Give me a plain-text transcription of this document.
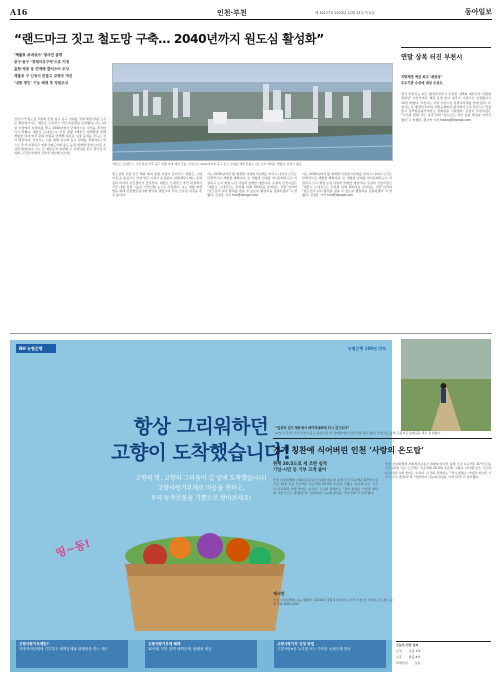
A16	인천·부천	제 30177호 2023년 12월 13일 목요일	동아일보
“랜드마크 짓고 철도망 구축… 2040년까지 원도심 활성화”
‘제물포 르네상스’ 청사진 공개
중구·동구 ‘경제자유구역’으로 지정
을항·영종 등 연계해 클러스터 조성
제물포 구 신청사 만들고 교량부 개선
‘내항 명인’ 기능 해제 후 정원조성
인천시가 원도심 주변의 인천 중구 동구 일대를 국제 해양·관광 도시로 재탄생시키는 ‘제물포 르네상스’ 마스터플랜을 공개했다. 시는 12일 시청에서 설명회를 열고 2040년까지 단계적으로 사업을 추진한다고 밝혔다. 제물포 르네상스는 인천 내항 1·8부두 재개발과 함께 개항장 일대 역사 문화 자원을 연계해 새로운 성장 동력을 만드는 것이 핵심이다. 인천시는 이를 위해 중구와 동구 일대를 경제자유구역으로 추가 지정하고 영종국제도시와 송도 등과 연계한 클러스터를 조성할 방침이다. 시는 또 제물포역 일대에 구 신청사를 짓고 경인선 지하화 구간과 연계한 교통망 개선에 나선다.
‘제물포 르네상스’ 사업 완료 이후 중구 내항 일대 예상 모습. 인천시는 2040년까지 중구·동구 일대를 해양 관광도시로 조성 계획을 세웠다. 인천시 제공
원도심에 교량 인근 해양 레저 관광 시설이 들어서고 ‘제물포 스테이션’을 중심으로 상업·업무 시설이 조성된다. 내항 8부두에는 공연장과 미디어 아트센터가 들어선다. 제물포 르네상스 추진 과정에서 기존 내항 물류 기능은 인천신항 등으로 이전된다. 시는 내항 재개발을 위해 인천항만공사와 협약을 맺었으며 부지 소유권 이전을 추진 중이다.
시는 2030년까지 항 재개발 사업의 1단계를 마치고 나머지 구간도 단계적으로 개발할 계획이다. 또 개항장 일대를 역사문화특구로 지정하고 도시 재생 뉴딜 사업과 연계할 예정이다. 유정복 인천시장은 “제물포 르네상스는 인천의 미래 100년을 준비하는 사업”이라며 “원도심이 다시 활력을 찾을 수 있도록 행정력을 집중하겠다”고 말했다. 김정훈 기자 hun@donga.com
시는 2030년까지 항 재개발 사업의 1단계를 마치고 나머지 구간도 단계적으로 개발할 계획이다. 또 개항장 일대를 역사문화특구로 지정하고 도시 재생 뉴딜 사업과 연계할 예정이다. 유정복 인천시장은 “제물포 르네상스는 인천의 미래 100년을 준비하는 사업”이라며 “원도심이 다시 활력을 찾을 수 있도록 행정력을 집중하겠다”고 말했다. 김정훈 기자 hun@donga.com
연말 상복 터진 부천시
지방재정 에선 최고 ‘최판상’
우수기관 수상에 대상 수상도
경기 부천시는 최근 행정안전부가 주관한 ‘제5회 대한민국 지방재정대상’ 시상식에서 재정 운영 분야 최우수 기관으로 선정됐다고 12일 밝혔다. 부천시는 이번 수상으로 특별교부세를 받게 된다. 부천시는 또 행정안전부의 지방규제혁신 평가에서 우수기관으로 선정됐고 정부합동평가에서도 상위권을 기록했다. 조용익 부천시장은 “시민과 함께 만든 성과”라며 “앞으로도 시민 중심 행정을 이어가겠다”고 말했다. 황금찬 기자 hwang@donga.com
NH 농협은행	농협은행 100년 약속
항상 그리워하던
고향이 도착했습니다!
고향의 맛, 고향의 그리움이 길 앞에 도착했습니다!
고향사랑기부제로 마음을 전하고,
우리 농축산물을 기쁨으로 받아보세요!
띵~동!
고향사랑기부제란?
지방자치단체에 기부하고 세액공제와 답례품을 받는 제도
고향사랑기부제 혜택
10만원 이하 전액 세액공제, 답례품 제공
고향사랑기부 신청 방법
고향사랑e음 누리집 또는 가까운 농협은행 방문
“일상의 걷기 체육에서 메이저대회에 다시 것으로다”
17일 오후 한 시민 부천시 중구 중앙공원 내 ‘둘레길’에서 달리기를 하고 있다. 부천시는 올해 공원 6곳 둘레길을 새로 조성했다.
경기 칭찬에 식어버린 인천 ‘사랑의 온도탑’
현재 20.5도로 세 조한 실적
기업·시민 등 기부 크게 줄어
인천 사랑의열매 사회복지공동모금회에 따르면 올해 모금 목표액은 87억여 원으로 12일 기준 모금액은 목표액의 20.5% 수준에 그쳤다. 지난해 같은 기간과 비교하면 크게 줄어든 수치다. 모금회 관계자는 “경기 침체로 기업과 개인의 기부가 모두 줄었다”며 “연말까지 나눔에 관심을 가져 달라”고 당부했다.
인천 사랑의열매 사회복지공동모금회에 따르면 올해 모금 목표액은 87억여 원으로 12일 기준 모금액은 목표액의 20.5% 수준에 그쳤다. 지난해 같은 기간과 비교하면 크게 줄어든 수치다. 모금회 관계자는 “경기 침체로 기업과 개인의 기부가 모두 줄었다”며 “연말까지 나눔에 관심을 가져 달라”고 당부했다.
게시판
인천 사랑의열매 나눔 캠페인 ▷2024년 1월 31일까지 ▷인천 시청 앞 사랑의 온도탑 ▷문의 032-430-1200
오늘의 인천 날씨
오전 흐림 3℃
오후 맑음 8℃
미세먼지 보통
